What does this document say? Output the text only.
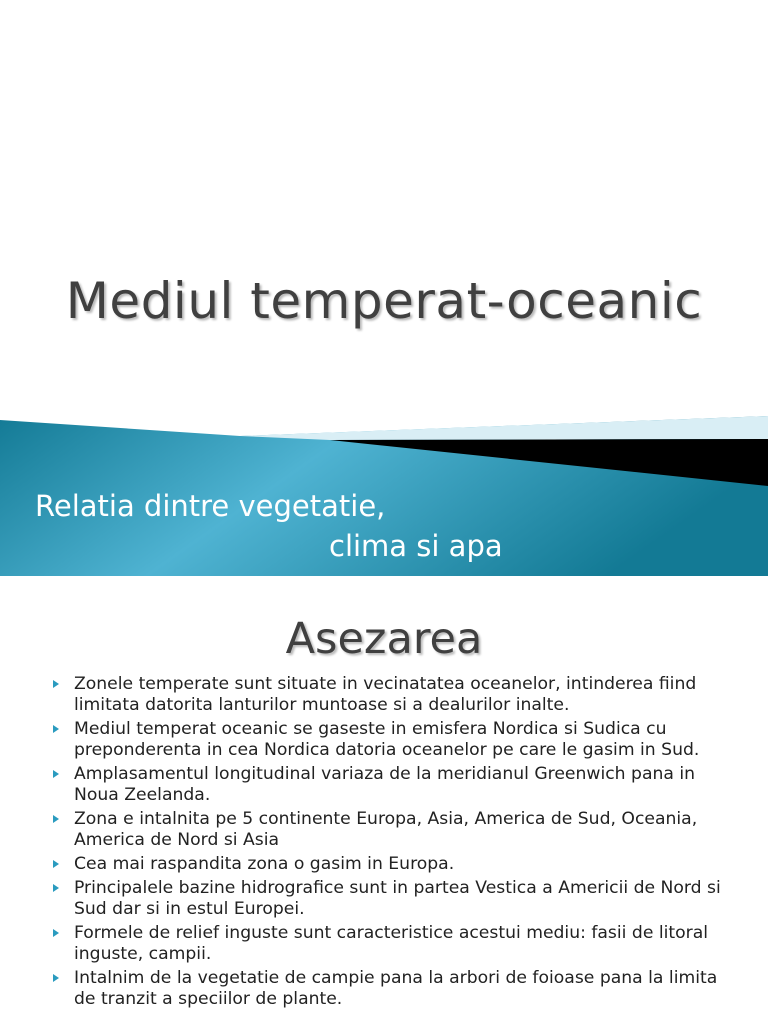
Mediul temperat-oceanic
Relatia dintre vegetatie,
clima si apa
Asezarea
Zonele temperate sunt situate in vecinatatea oceanelor, intinderea fiind limitata datorita lanturilor muntoase si a dealurilor inalte.
Mediul temperat oceanic se gaseste in emisfera Nordica si Sudica cu preponderenta in cea Nordica datoria oceanelor pe care le gasim in Sud.
Amplasamentul longitudinal variaza de la meridianul Greenwich pana in Noua Zeelanda.
Zona e intalnita pe 5 continente Europa, Asia, America de Sud, Oceania, America de Nord si Asia
Cea mai raspandita zona o gasim in Europa.
Principalele bazine hidrografice sunt in partea Vestica a Americii de Nord si Sud dar si in estul Europei.
Formele de relief inguste sunt caracteristice acestui mediu: fasii de litoral inguste, campii.
Intalnim de la vegetatie de campie pana la arbori de foioase pana la limita de tranzit a speciilor de plante.
